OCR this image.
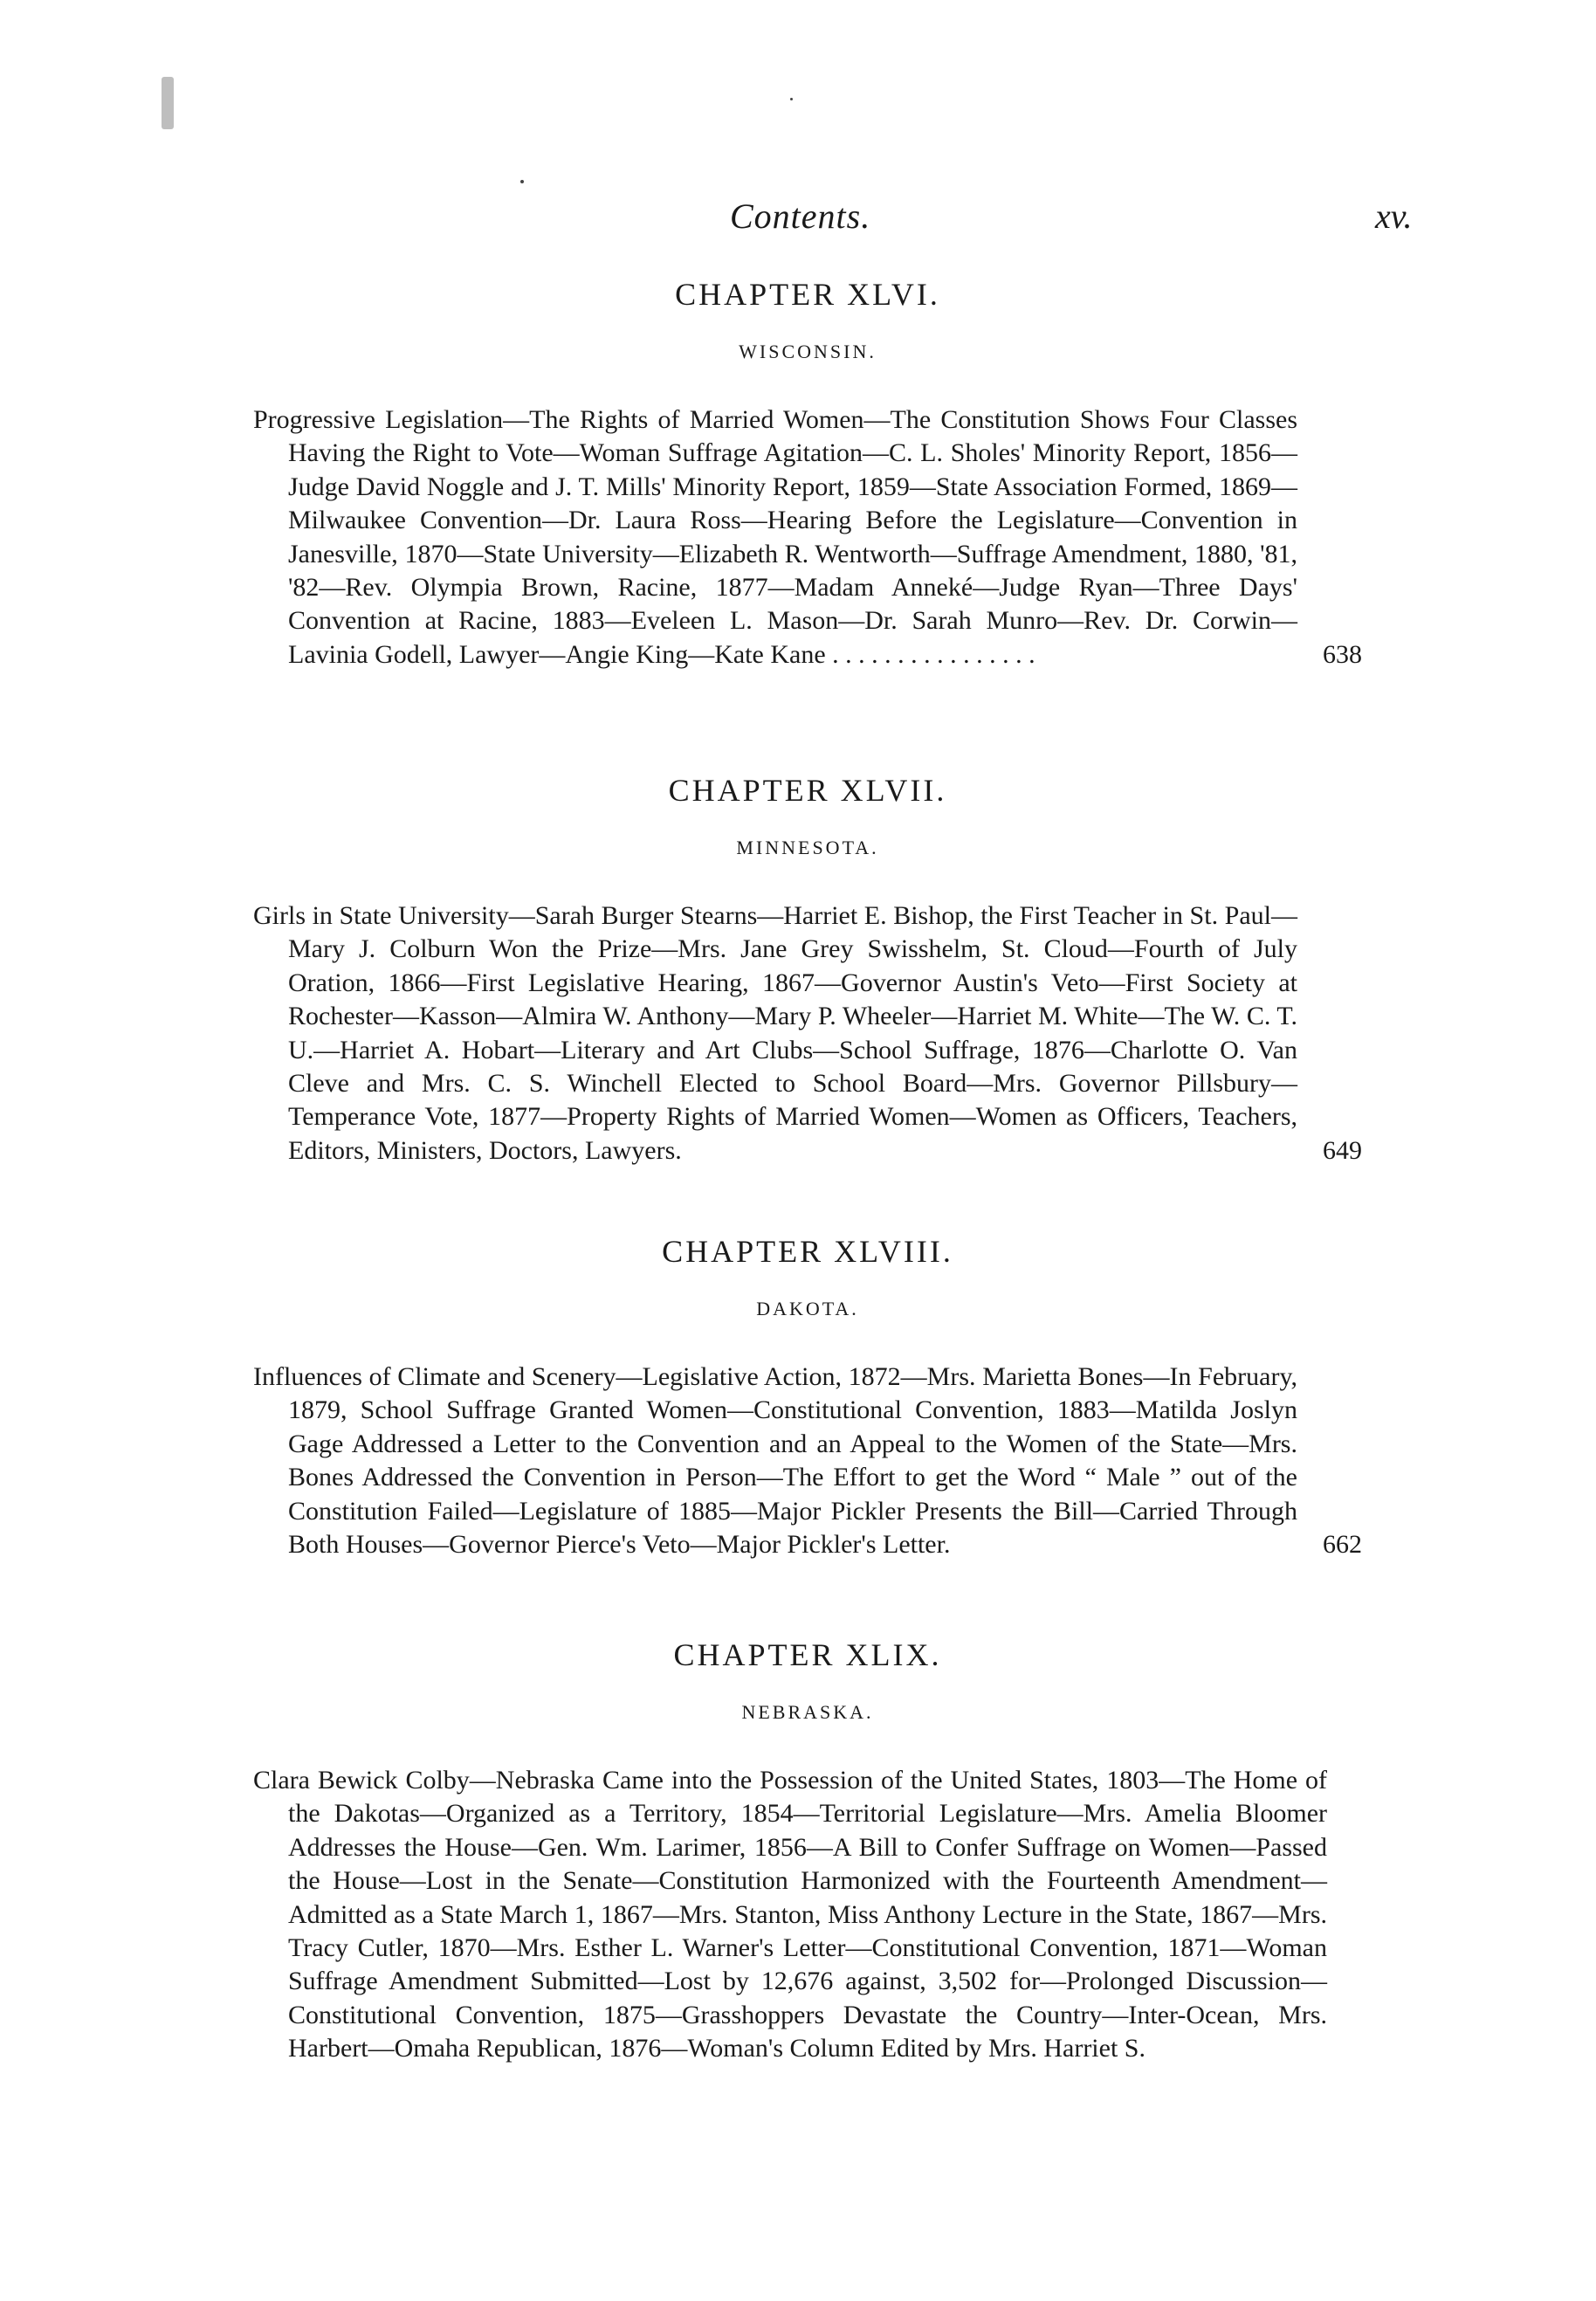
Contents.	xv.
CHAPTER XLVI.
WISCONSIN.
Progressive Legislation—The Rights of Married Women—The Constitution Shows Four Classes Having the Right to Vote—Woman Suffrage Agitation—C. L. Sholes' Minority Report, 1856—Judge David Noggle and J. T. Mills' Minority Report, 1859—State Association Formed, 1869—Milwaukee Convention—Dr. Laura Ross—Hearing Before the Legislature—Convention in Janesville, 1870—State University—Elizabeth R. Wentworth—Suffrage Amendment, 1880, '81, '82—Rev. Olympia Brown, Racine, 1877—Madam Anneké—Judge Ryan—Three Days' Convention at Racine, 1883—Eveleen L. Mason—Dr. Sarah Munro—Rev. Dr. Corwin—Lavinia Godell, Lawyer—Angie King—Kate Kane . . . . . . . . . . . . . . . .	638
CHAPTER XLVII.
MINNESOTA.
Girls in State University—Sarah Burger Stearns—Harriet E. Bishop, the First Teacher in St. Paul—Mary J. Colburn Won the Prize—Mrs. Jane Grey Swisshelm, St. Cloud—Fourth of July Oration, 1866—First Legislative Hearing, 1867—Governor Austin's Veto—First Society at Rochester—Kasson—Almira W. Anthony—Mary P. Wheeler—Harriet M. White—The W. C. T. U.—Harriet A. Hobart—Literary and Art Clubs—School Suffrage, 1876—Charlotte O. Van Cleve and Mrs. C. S. Winchell Elected to School Board—Mrs. Governor Pillsbury—Temperance Vote, 1877—Property Rights of Married Women—Women as Officers, Teachers, Editors, Ministers, Doctors, Lawyers.	649
CHAPTER XLVIII.
DAKOTA.
Influences of Climate and Scenery—Legislative Action, 1872—Mrs. Marietta Bones—In February, 1879, School Suffrage Granted Women—Constitutional Convention, 1883—Matilda Joslyn Gage Addressed a Letter to the Convention and an Appeal to the Women of the State—Mrs. Bones Addressed the Convention in Person—The Effort to get the Word “ Male ” out of the Constitution Failed—Legislature of 1885—Major Pickler Presents the Bill—Carried Through Both Houses—Governor Pierce's Veto—Major Pickler's Letter.	662
CHAPTER XLIX.
NEBRASKA.
Clara Bewick Colby—Nebraska Came into the Possession of the United States, 1803—The Home of the Dakotas—Organized as a Territory, 1854—Territorial Legislature—Mrs. Amelia Bloomer Addresses the House—Gen. Wm. Larimer, 1856—A Bill to Confer Suffrage on Women—Passed the House—Lost in the Senate—Constitution Harmonized with the Fourteenth Amendment—Admitted as a State March 1, 1867—Mrs. Stanton, Miss Anthony Lecture in the State, 1867—Mrs. Tracy Cutler, 1870—Mrs. Esther L. Warner's Letter—Constitutional Convention, 1871—Woman Suffrage Amendment Submitted—Lost by 12,676 against, 3,502 for—Prolonged Discussion—Constitutional Convention, 1875—Grasshoppers Devastate the Country—Inter-Ocean, Mrs. Harbert—Omaha Republican, 1876—Woman's Column Edited by Mrs. Harriet S.
